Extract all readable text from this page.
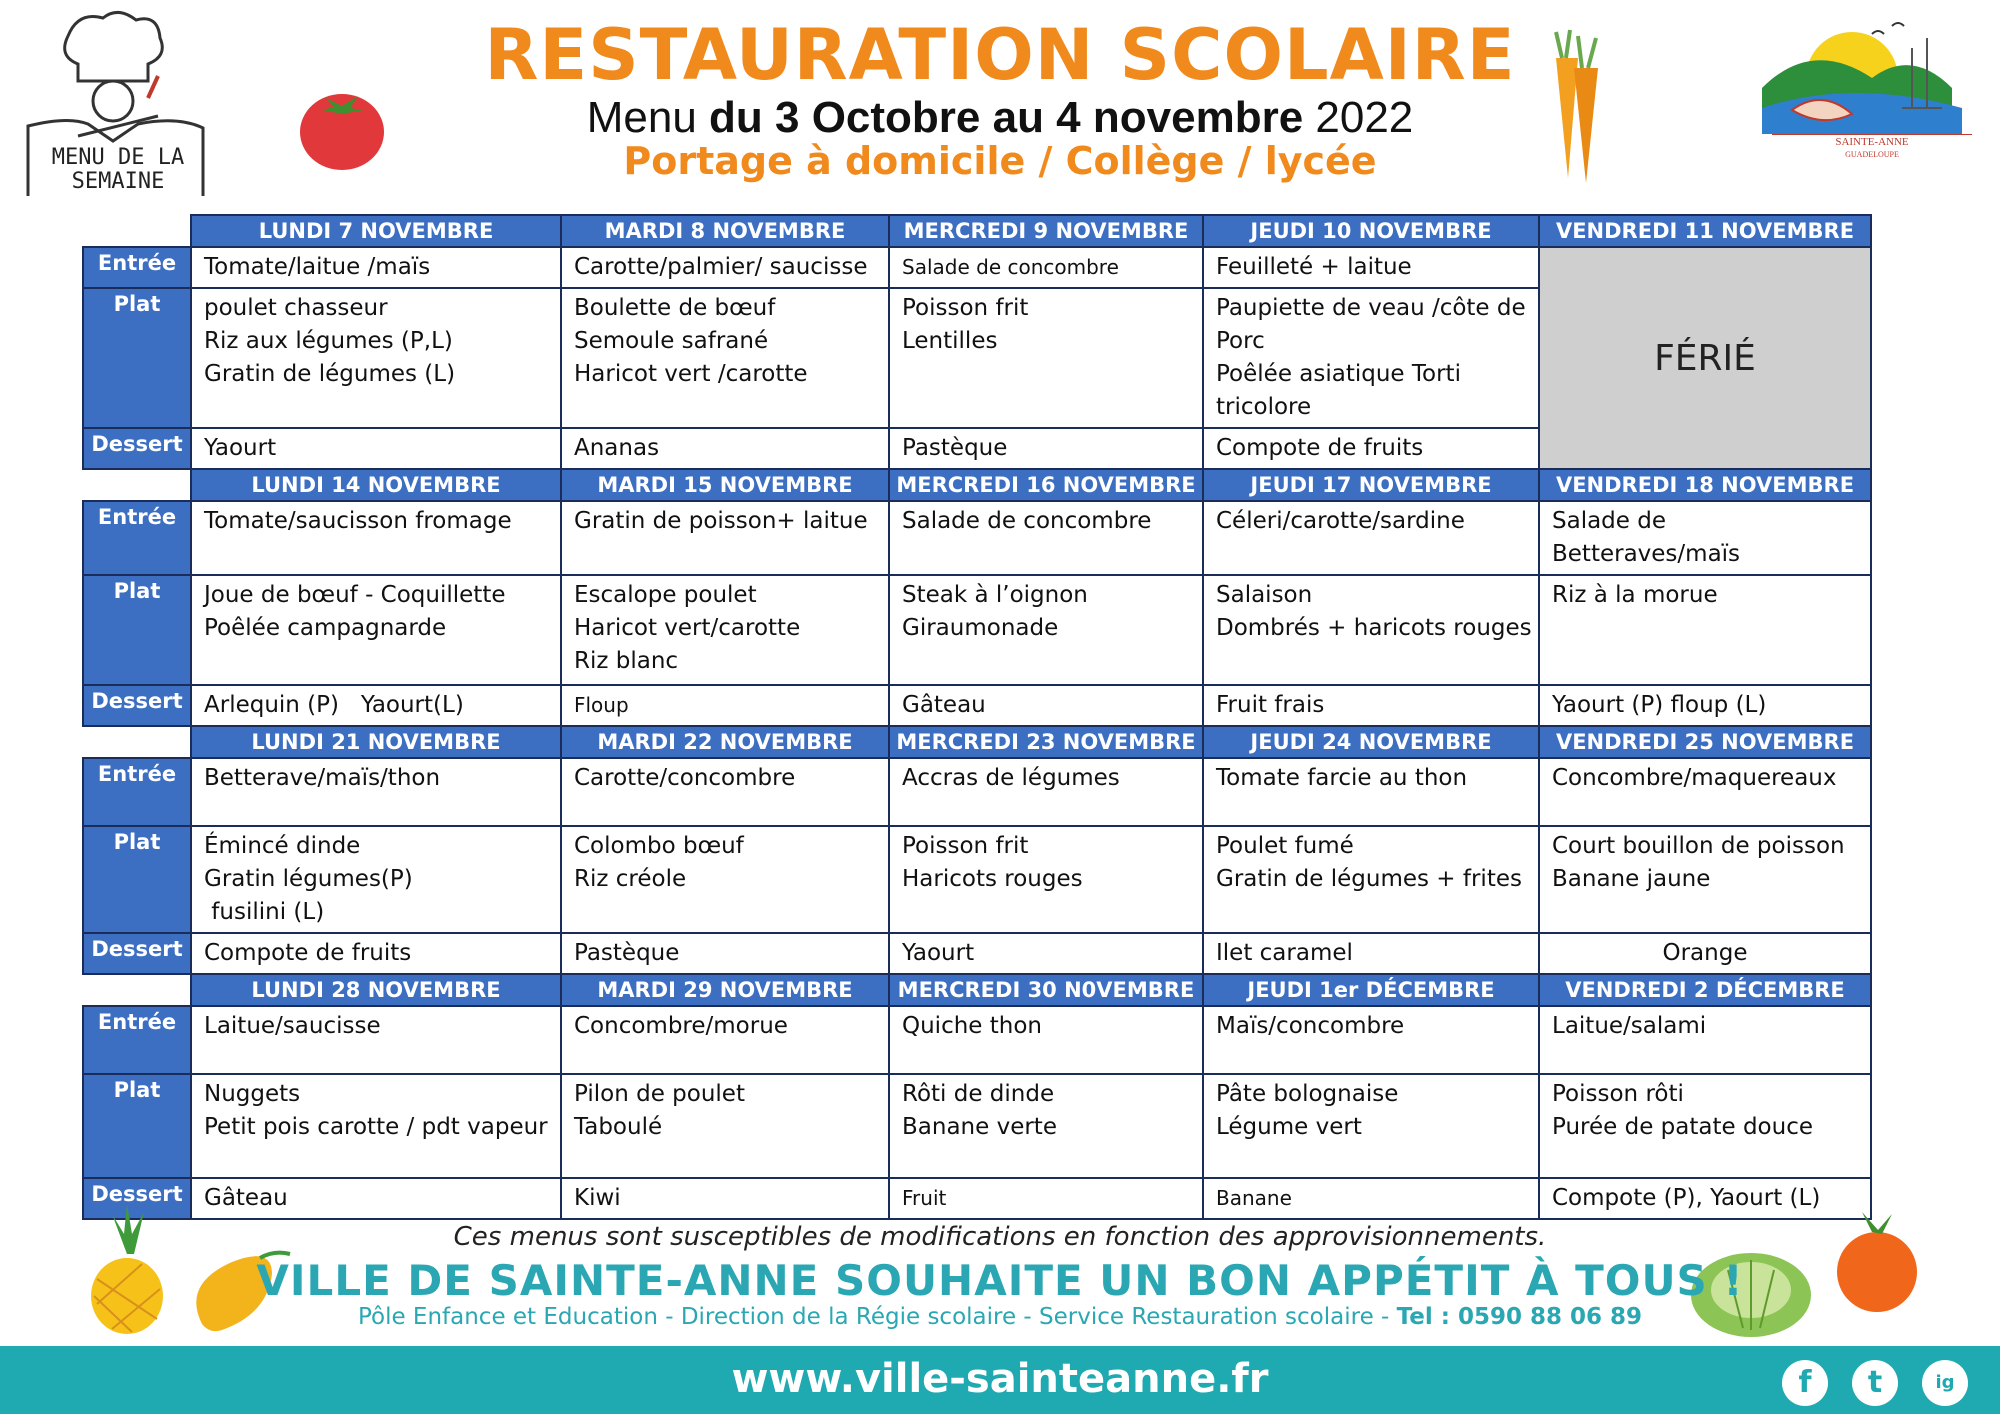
MENU DE LA
SEMAINE
RESTAURATION SCOLAIRE
Menu du 3 Octobre au 4 novembre 2022
Portage à domicile / Collège / lycée	SAINTE-ANNE
GUADELOUPE
	LUNDI 7 NOVEMBRE	MARDI 8 NOVEMBRE	MERCREDI 9 NOVEMBRE	JEUDI 10 NOVEMBRE	VENDREDI 11 NOVEMBRE
Entrée	Tomate/laitue /maïs	Carotte/palmier/ saucisse	Salade de concombre	Feuilleté + laitue	FÉRIÉ
Plat	poulet chasseur
Riz aux légumes (P,L)
Gratin de légumes (L)	Boulette de bœuf
Semoule safrané
Haricot vert /carotte	Poisson frit
Lentilles	Paupiette de veau /côte de
Porc
Poêlée asiatique Torti
tricolore	

Dessert	Yaourt	Ananas	Pastèque	Compote de fruits	
	LUNDI 14 NOVEMBRE	MARDI 15 NOVEMBRE	MERCREDI 16 NOVEMBRE	JEUDI 17 NOVEMBRE	VENDREDI 18 NOVEMBRE
Entrée	Tomate/saucisson fromage	Gratin de poisson+ laitue	Salade de concombre	Céleri/carotte/sardine	Salade de Betteraves/maïs
Plat	Joue de bœuf - Coquillette
Poêlée campagnarde	Escalope poulet
Haricot vert/carotte
Riz blanc	Steak à l’oignon
Giraumonade	Salaison
Dombrés + haricots rouges	Riz à la morue

Dessert	Arlequin (P)   Yaourt(L)	Floup	Gâteau	Fruit frais	Yaourt (P) floup (L)
	LUNDI 21 NOVEMBRE	MARDI 22 NOVEMBRE	MERCREDI 23 NOVEMBRE	JEUDI 24 NOVEMBRE	VENDREDI 25 NOVEMBRE
Entrée	Betterave/maïs/thon	Carotte/concombre	Accras de légumes	Tomate farcie au thon	Concombre/maquereaux
Plat	Émincé dinde
Gratin légumes(P)
fusilini (L)	Colombo bœuf
Riz créole	Poisson frit
Haricots rouges	Poulet fumé
Gratin de légumes + frites	Court bouillon de poisson
Banane jaune

Dessert	Compote de fruits	Pastèque	Yaourt	Ilet caramel	Orange
	LUNDI 28 NOVEMBRE	MARDI 29 NOVEMBRE	MERCREDI 30 N0VEMBRE	JEUDI 1er DÉCEMBRE	VENDREDI 2 DÉCEMBRE
Entrée	Laitue/saucisse	Concombre/morue	Quiche thon	Maïs/concombre	Laitue/salami
Plat	Nuggets
Petit pois carotte / pdt vapeur	Pilon de poulet
Taboulé	Rôti de dinde
Banane verte	Pâte bolognaise
Légume vert	Poisson rôti
Purée de patate douce

Dessert	Gâteau	Kiwi	Fruit	Banane	Compote (P), Yaourt (L)
Ces menus sont susceptibles de modifications en fonction des approvisionnements.
VILLE DE SAINTE-ANNE SOUHAITE UN BON APPÉTIT À TOUS !
Pôle Enfance et Education - Direction de la Régie scolaire - Service Restauration scolaire - Tel : 0590 88 06 89
www.ville-sainteanne.fr	f	t	ig
